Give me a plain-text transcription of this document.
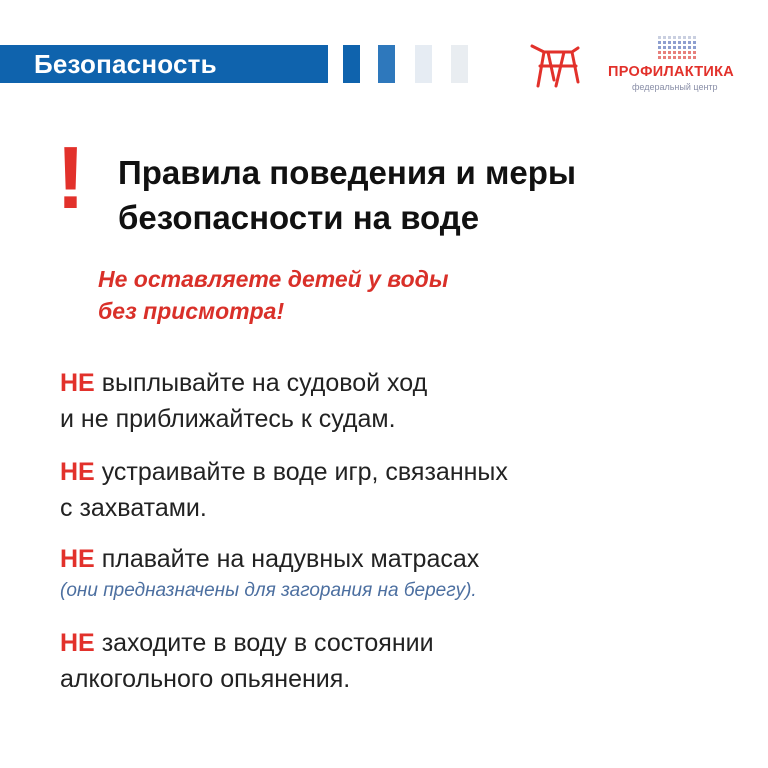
Безопасность	ПРОФИЛАКТИКА
федеральный центр
! Правила поведения и меры
безопасности на воде
Не оставляете детей у воды
без присмотра!
НЕ выплывайте на судовой ход
и не приближайтесь к судам.
НЕ устраивайте в воде игр, связанных
с захватами.
НЕ плавайте на надувных матрасах
(они предназначены для загорания на берегу).
НЕ заходите в воду в состоянии
алкогольного опьянения.
